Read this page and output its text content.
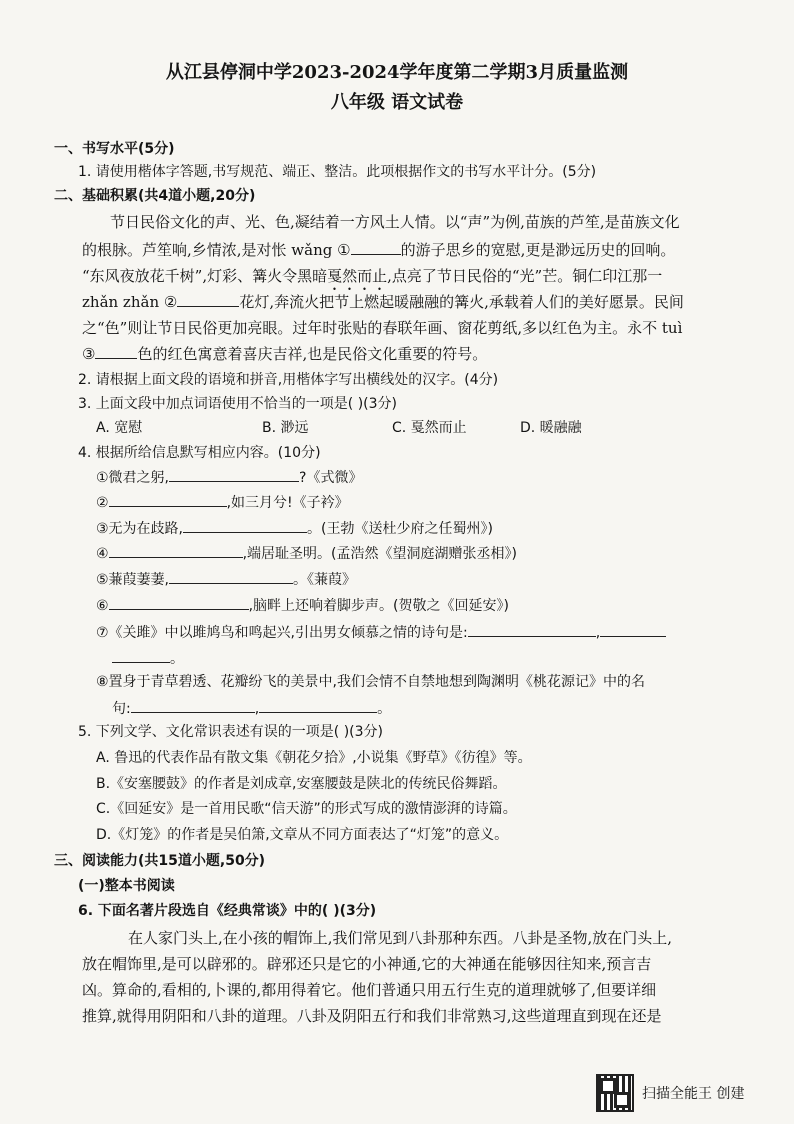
从江县停洞中学2023-2024学年度第二学期3月质量监测
八年级 语文试卷
一、书写水平(5分)
1. 请使用楷体字答题,书写规范、端正、整洁。此项根据作文的书写水平计分。(5分)
二、基础积累(共4道小题,20分)
节日民俗文化的声、光、色,凝结着一方风土人情。以“声”为例,苗族的芦笙,是苗族文化
的根脉。芦笙响,乡情浓,是对怅 wǎng ①	的游子思乡的宽慰,更是渺远历史的回响。
“东风夜放花千树”,灯彩、篝火令黑暗戛然而止,点亮了节日民俗的“光”芒。铜仁印江那一
zhǎn zhǎn ②	花灯,奔流火把节上燃起暖融融的篝火,承载着人们的美好愿景。民间
之“色”则让节日民俗更加亮眼。过年时张贴的春联年画、窗花剪纸,多以红色为主。永不 tuì
③	色的红色寓意着喜庆吉祥,也是民俗文化重要的符号。
2. 请根据上面文段的语境和拼音,用楷体字写出横线处的汉字。(4分)
3. 上面文段中加点词语使用不恰当的一项是( )(3分)
A. 宽慰	B. 渺远	C. 戛然而止	D. 暖融融
4. 根据所给信息默写相应内容。(10分)
①微君之躬,	?《式微》
②	,如三月兮!《子衿》
③无为在歧路,	。(王勃《送杜少府之任蜀州》)
④	,端居耻圣明。(孟浩然《望洞庭湖赠张丞相》)
⑤蒹葭萋萋,	。《蒹葭》
⑥	,脑畔上还响着脚步声。(贺敬之《回延安》)
⑦《关雎》中以雎鸠鸟和鸣起兴,引出男女倾慕之情的诗句是:	,
。
⑧置身于青草碧透、花瓣纷飞的美景中,我们会情不自禁地想到陶渊明《桃花源记》中的名
句:	,	。
5. 下列文学、文化常识表述有误的一项是( )(3分)
A. 鲁迅的代表作品有散文集《朝花夕拾》,小说集《野草》《彷徨》等。
B.《安塞腰鼓》的作者是刘成章,安塞腰鼓是陕北的传统民俗舞蹈。
C.《回延安》是一首用民歌“信天游”的形式写成的激情澎湃的诗篇。
D.《灯笼》的作者是吴伯箫,文章从不同方面表达了“灯笼”的意义。
三、阅读能力(共15道小题,50分)
(一)整本书阅读
6. 下面名著片段选自《经典常谈》中的( )(3分)
在人家门头上,在小孩的帽饰上,我们常见到八卦那种东西。八卦是圣物,放在门头上,
放在帽饰里,是可以辟邪的。辟邪还只是它的小神通,它的大神通在能够因往知来,预言吉
凶。算命的,看相的,卜课的,都用得着它。他们普通只用五行生克的道理就够了,但要详细
推算,就得用阴阳和八卦的道理。八卦及阴阳五行和我们非常熟习,这些道理直到现在还是
扫描全能王 创建
